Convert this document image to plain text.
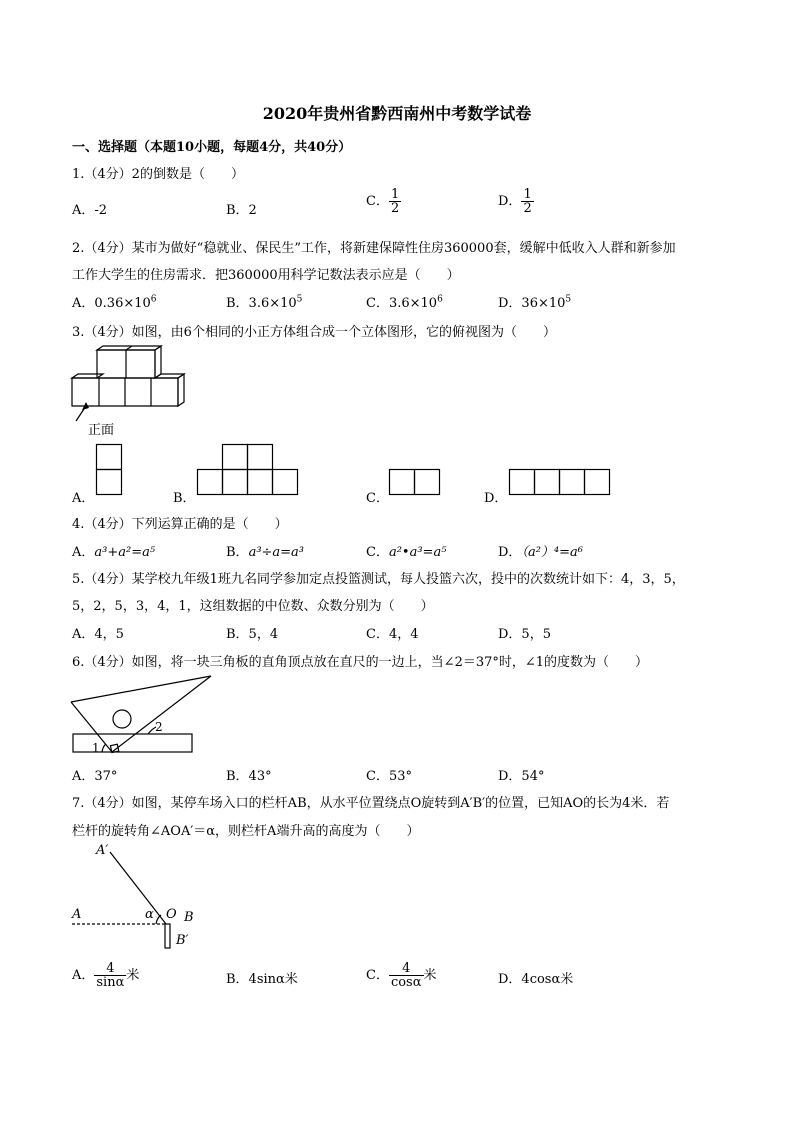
2020年贵州省黔西南州中考数学试卷
一、选择题（本题10小题，每题4分，共40分）
1.（4分）2的倒数是（　　）
A．-2	B．2
C． $\frac{1}{2}$	D． $\frac{1}{2}$
2.（4分）某市为做好“稳就业、保民生”工作，将新建保障性住房360000套，缓解中低收入人群和新参加
工作大学生的住房需求．把360000用科学记数法表示应是（　　）
A．$0.36\times 10^6$	B．$3.6\times 10^5$	C．$3.6\times 10^6$	D．$36\times 10^5$
3.（4分）如图，由6个相同的小正方体组合成一个立体图形，它的俯视图为（　　）
正面
A．	B．	C．	D．
4.（4分）下列运算正确的是（　　）
A．a³+a²=a⁵	B．a³÷a=a³	C．a²•a³=a⁵	D．（a²）⁴=a⁶
5.（4分）某学校九年级1班九名同学参加定点投篮测试，每人投篮六次，投中的次数统计如下：4，3，5，
5，2，5，3，4，1，这组数据的中位数、众数分别为（　　）
A．4，5	B．5，4	C．4，4	D．5，5
6.（4分）如图，将一块三角板的直角顶点放在直尺的一边上，当∠2＝37°时，∠1的度数为（　　）
2
1
A．37°	B．43°	C．53°	D．54°
7.（4分）如图，某停车场入口的栏杆AB，从水平位置绕点O旋转到A′B′的位置，已知AO的长为4米．若
栏杆的旋转角∠AOA′＝α，则栏杆A端升高的高度为（　　）
A′
A	α O B
B′
A． $\frac{4}{\sin\alpha}$ 米	B．4sinα米	C． $\frac{4}{\cos\alpha}$ 米	D．4cosα米
